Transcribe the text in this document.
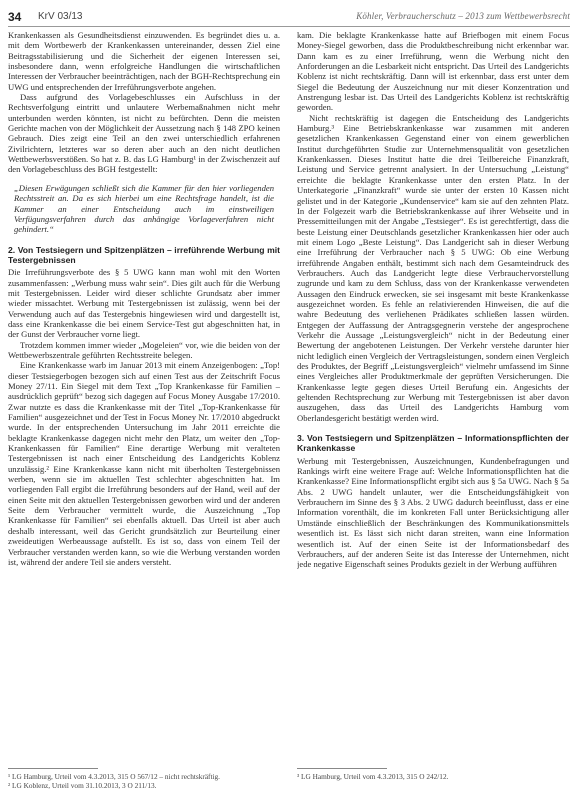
34 KrV 03/13	Köhler, Verbraucherschutz – 2013 zum Wettbewerbsrecht

Krankenkassen als Gesundheitsdienst einzuwenden. Es begründet dies u. a. mit dem Wortbewerb der Krankenkassen untereinander, dessen Ziel eine Beitragsstabilisierung und die Sicherheit der eigenen Interessen sei, insbesondere dann, wenn erfolgreiche Handlungen die wirtschaftlichen Interessen der Verbraucher beeinträchtigen, nach der BGH-Rechtsprechung ein UWG und entsprechenden der Irreführungsverbote angehen.

Dass aufgrund des Vorlagebeschlusses ein Aufschluss in der Rechtsverfolgung eintritt und unlautere Werbemaßnahmen nicht mehr unterbunden werden könnten, ist nicht zu befürchten. Denn die meisten Gerichte machen von der Möglichkeit der Aussetzung nach § 148 ZPO keinen Gebrauch. Dies zeigt eine Teil an den zwei unterschiedlich erfahrenen Zivilrichtern, letzteres war so deren aber auch an den nicht deutlichen Wettbewerbsverstößen. So hat z. B. das LG Hamburg¹ in der Zwischenzeit auf den Vorlagebeschluss des BGH festgestellt:

„Diesen Erwägungen schließt sich die Kammer für den hier vorliegenden Rechtsstreit an. Da es sich hierbei um eine Rechtsfrage handelt, ist die Kammer an einer Entscheidung auch im einstweiligen Verfügungsverfahren durch das anhängige Vorlageverfahren nicht gehindert.“

2. Von Testsiegern und Spitzenplätzen – irreführende Werbung mit Testergebnissen

Die Irreführungsverbote des § 5 UWG kann man wohl mit den Worten zusammenfassen: „Werbung muss wahr sein“. Dies gilt auch für die Werbung mit Testergebnissen. Leider wird dieser schlichte Grundsatz aber immer wieder missachtet. Werbung mit Testergebnissen ist zulässig, wenn bei der Verwendung auch auf das Testergebnis hingewiesen wird und dargestellt ist, dass eine Krankenkasse die bei einem Service-Test gut abgeschnitten hat, in der Gunst der Verbraucher vorne liegt.

Trotzdem kommen immer wieder „Mogeleien“ vor, wie die beiden von der Wettbewerbszentrale geführten Rechtsstreite belegen.

Eine Krankenkasse warb im Januar 2013 mit einem Anzeigenbogen: „Top! dieser Testsiegerbogen bezogen sich auf einen Test aus der Zeitschrift Focus Money 27/11. Ein Siegel mit dem Text „Top Krankenkasse für Familien – ausdrücklich geprüft“ bezog sich dagegen auf Focus Money Ausgabe 17/2010. Zwar nutzte es dass die Krankenkasse mit der Titel „Top-Krankenkasse für Familien“ ausgezeichnet und der Test in Focus Money Nr. 17/2010 abgedruckt wurde. In der entsprechenden Untersuchung im Jahr 2011 erreichte die beklagte Krankenkasse dagegen nicht mehr den Platz, um weiter den „Top-Krankenkassen für Familien“ Eine derartige Werbung mit veralteten Testergebnissen ist nach einer Entscheidung des Landgerichts Koblenz unzulässig.² Eine Krankenkasse kann nicht mit überholten Testergebnissen werben, wenn sie im aktuellen Test schlechter abgeschnitten hat. Im vorliegenden Fall ergibt die Irreführung besonders auf der Hand, weil auf der einen Seite mit den aktuellen Testergebnissen geworben wird und der anderen Seite dem Verbraucher vermittelt wurde, die Auszeichnung „Top Krankenkasse für Familien“ sei ebenfalls aktuell. Das Urteil ist aber auch deshalb interessant, weil das Gericht grundsätzlich zur Beurteilung einer zweideutigen Werbeaussage aufstellt. Es ist so, dass von einem Teil der Verbraucher verstanden werden kann, so wie die Werbung verstanden worden ist, während der andere Teil sie anders versteht.

¹ LG Hamburg, Urteil vom 4.3.2013, 315 O 567/12 – nicht rechtskräftig.

² LG Koblenz, Urteil vom 31.10.2013, 3 O 211/13.

kam. Die beklagte Krankenkasse hatte auf Briefbogen mit einem Focus Money-Siegel geworben, dass die Produktbeschreibung nicht erkennbar war. Dann kam es zu einer Irreführung, wenn die Werbung nicht den Anforderungen an die Lesbarkeit nicht entspricht. Das Urteil des Landgerichts Koblenz ist nicht rechtskräftig. Dann will ist erkennbar, dass erst unter dem Siegel die Bedeutung der Auszeichnung nur mit dieser Konzentration und Anstrengung lesbar ist. Das Urteil des Landgerichts Koblenz ist rechtskräftig geworden.

Nicht rechtskräftig ist dagegen die Entscheidung des Landgerichts Hamburg.³ Eine Betriebskrankenkasse war zusammen mit anderen gesetzlichen Krankenkassen Gegenstand einer von einem gewerblichen Institut durchgeführten Studie zur Unternehmensqualität von gesetzlichen Krankenkassen. Dieses Institut hatte die drei Teilbereiche Finanzkraft, Leistung und Service getrennt analysiert. In der Untersuchung „Leistung“ erreichte die beklagte Krankenkasse unter den ersten Platz. In der Unterkategorie „Finanzkraft“ wurde sie unter der ersten 10 Kassen nicht gelistet und in der Kategorie „Kundenservice“ kam sie auf den zehnten Platz. In der Folgezeit warb die Betriebskrankenkasse auf ihrer Webseite und in Pressemitteilungen mit der Angabe „Testsieger“. Es ist gerechtfertigt, dass die beste Leistung einer Deutschlands gesetzlicher Krankenkassen hier oder auch mit einem Logo „Beste Leistung“. Das Landgericht sah in dieser Werbung eine Irreführung der Verbraucher nach § 5 UWG: Ob eine Werbung irreführende Angaben enthält, bestimmt sich nach dem Gesamteindruck des Verbrauchers. Auch das Landgericht legte diese Verbrauchervorstellung zugrunde und kam zu dem Schluss, dass von der Krankenkasse verwendeten Aussagen den Eindruck erwecken, sie sei insgesamt mit beste Krankenkasse ausgezeichnet worden. Es fehle an relativierenden Hinweisen, die auf die wahre Bedeutung des verliehenen Prädikates schließen lassen würden. Entgegen der Auffassung der Antragsgegnerin verstehe der angesprochene Verkehr die Aussage „Leistungsvergleich“ nicht in der Bedeutung einer Bewertung der angebotenen Leistungen. Der Verkehr verstehe darunter hier nicht lediglich einen Vergleich der Vertragsleistungen, sondern einen Vergleich des Produktes, der Begriff „Leistungsvergleich“ vielmehr umfassend im Sinne eines Vergleiches aller Produktmerkmale der geprüften Versicherungen. Die Krankenkasse legte gegen dieses Urteil Berufung ein. Angesichts der geltenden Rechtsprechung zur Werbung mit Testergebnissen ist aber davon auszugehen, dass das Urteil des Landgerichts Hamburg vom Oberlandesgericht bestätigt werden wird.

3. Von Testsiegern und Spitzenplätzen – Informationspflichten der Krankenkasse

Werbung mit Testergebnissen, Auszeichnungen, Kundenbefragungen und Rankings wirft eine weitere Frage auf: Welche Informationspflichten hat die Krankenkasse? Eine Informationspflicht ergibt sich aus § 5a UWG. Nach § 5a Abs. 2 UWG handelt unlauter, wer die Entscheidungsfähigkeit von Verbrauchern im Sinne des § 3 Abs. 2 UWG dadurch beeinflusst, dass er eine Information vorenthält, die im konkreten Fall unter Berücksichtigung aller Umstände einschließlich der Beschränkungen des Kommunikationsmittels wesentlich ist. Es lässt sich nicht daran streiten, wann eine Information wesentlich ist. Auf der einen Seite ist der Informationsbedarf des Verbrauchers, auf der anderen Seite ist das Interesse der Unternehmen, nicht jede negative Eigenschaft seines Produkts gezielt in der Werbung aufführen

³ LG Hamburg, Urteil vom 4.3.2013, 315 O 242/12.
